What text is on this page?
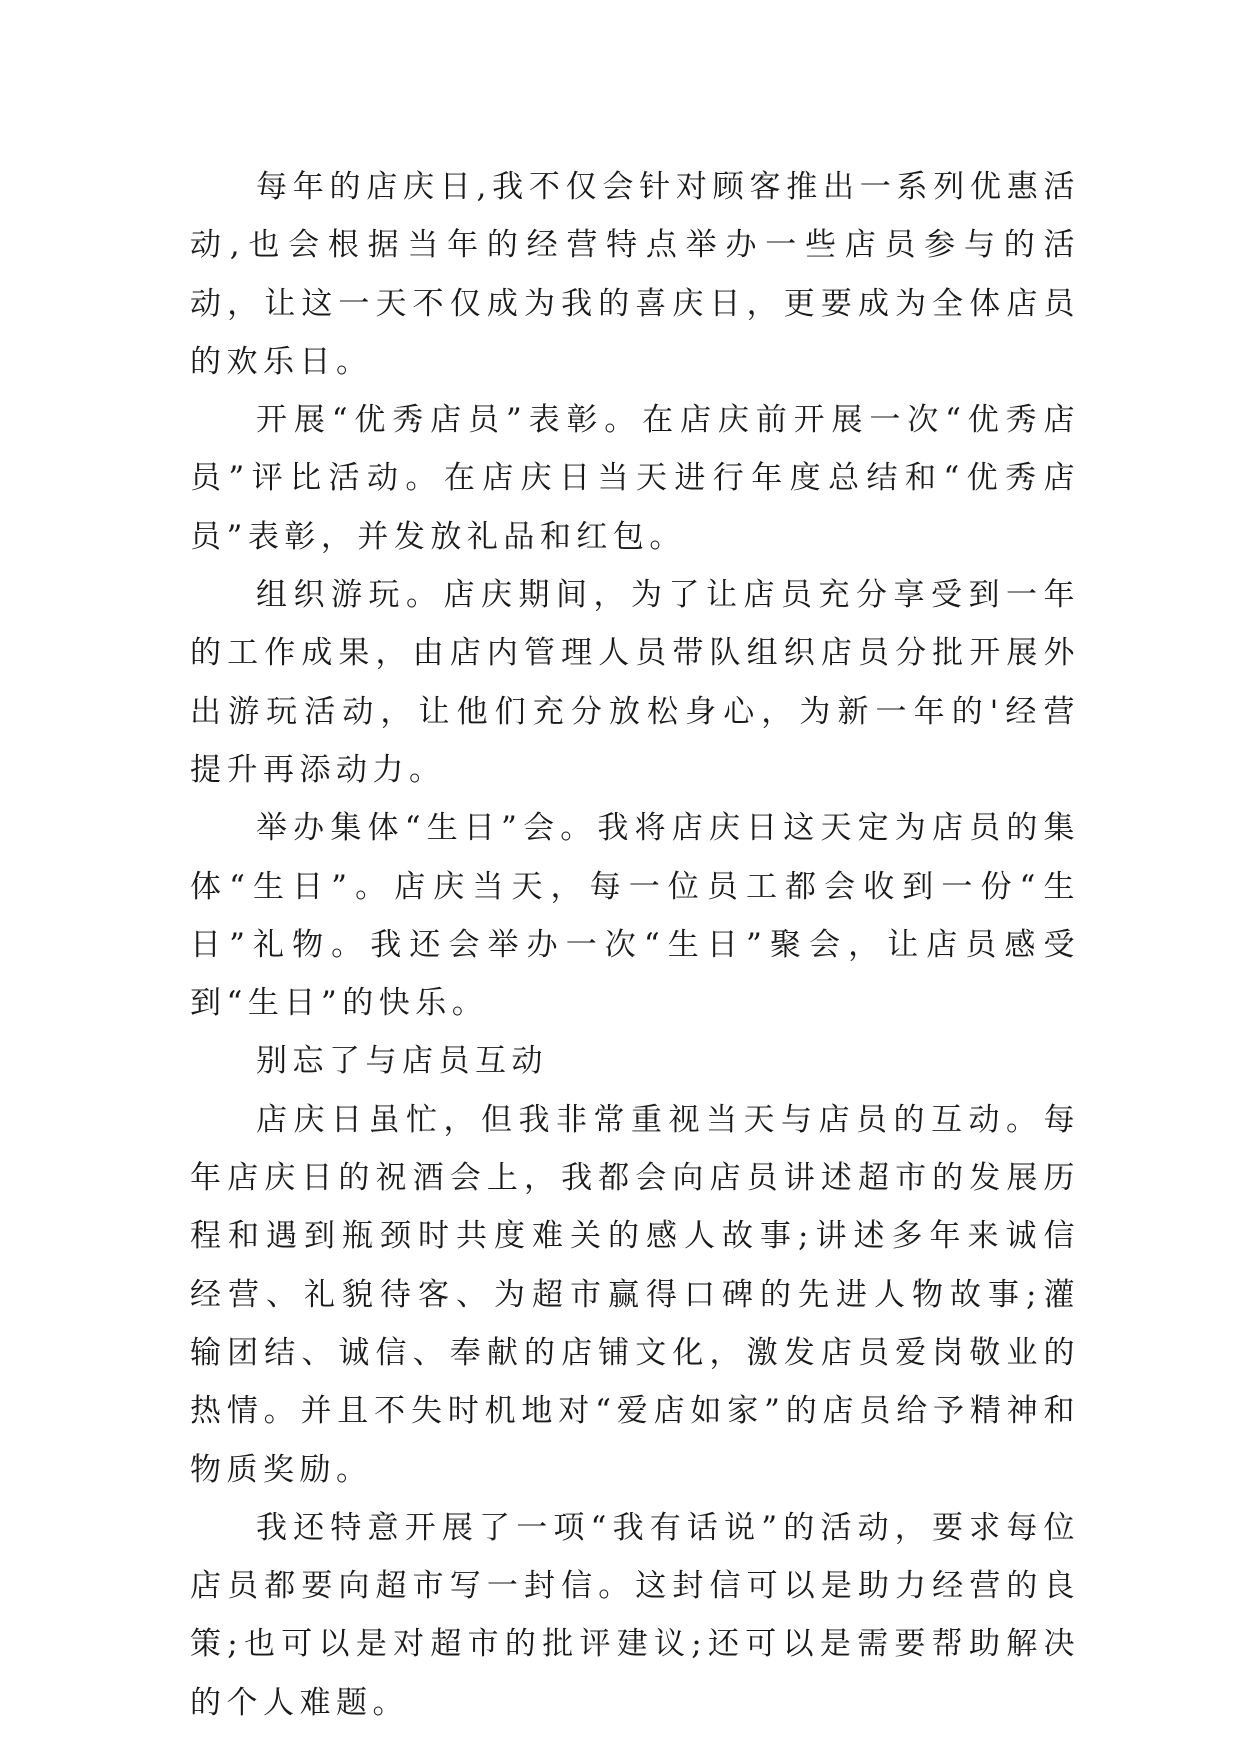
每年的店庆日,我不仅会针对顾客推出一系列优惠活动,也会根据当年的经营特点举办一些店员参与的活动，让这一天不仅成为我的喜庆日，更要成为全体店员的欢乐日。

开展“优秀店员”表彰。在店庆前开展一次“优秀店员”评比活动。在店庆日当天进行年度总结和“优秀店员”表彰，并发放礼品和红包。

组织游玩。店庆期间，为了让店员充分享受到一年的工作成果，由店内管理人员带队组织店员分批开展外出游玩活动，让他们充分放松身心，为新一年的'经营提升再添动力。

举办集体“生日”会。我将店庆日这天定为店员的集体“生日”。店庆当天，每一位员工都会收到一份“生日”礼物。我还会举办一次“生日”聚会，让店员感受到“生日”的快乐。

别忘了与店员互动

店庆日虽忙，但我非常重视当天与店员的互动。每年店庆日的祝酒会上，我都会向店员讲述超市的发展历程和遇到瓶颈时共度难关的感人故事;讲述多年来诚信经营、礼貌待客、为超市赢得口碑的先进人物故事;灌输团结、诚信、奉献的店铺文化，激发店员爱岗敬业的热情。并且不失时机地对“爱店如家”的店员给予精神和物质奖励。

我还特意开展了一项“我有话说”的活动，要求每位店员都要向超市写一封信。这封信可以是助力经营的良策;也可以是对超市的批评建议;还可以是需要帮助解决的个人难题。
